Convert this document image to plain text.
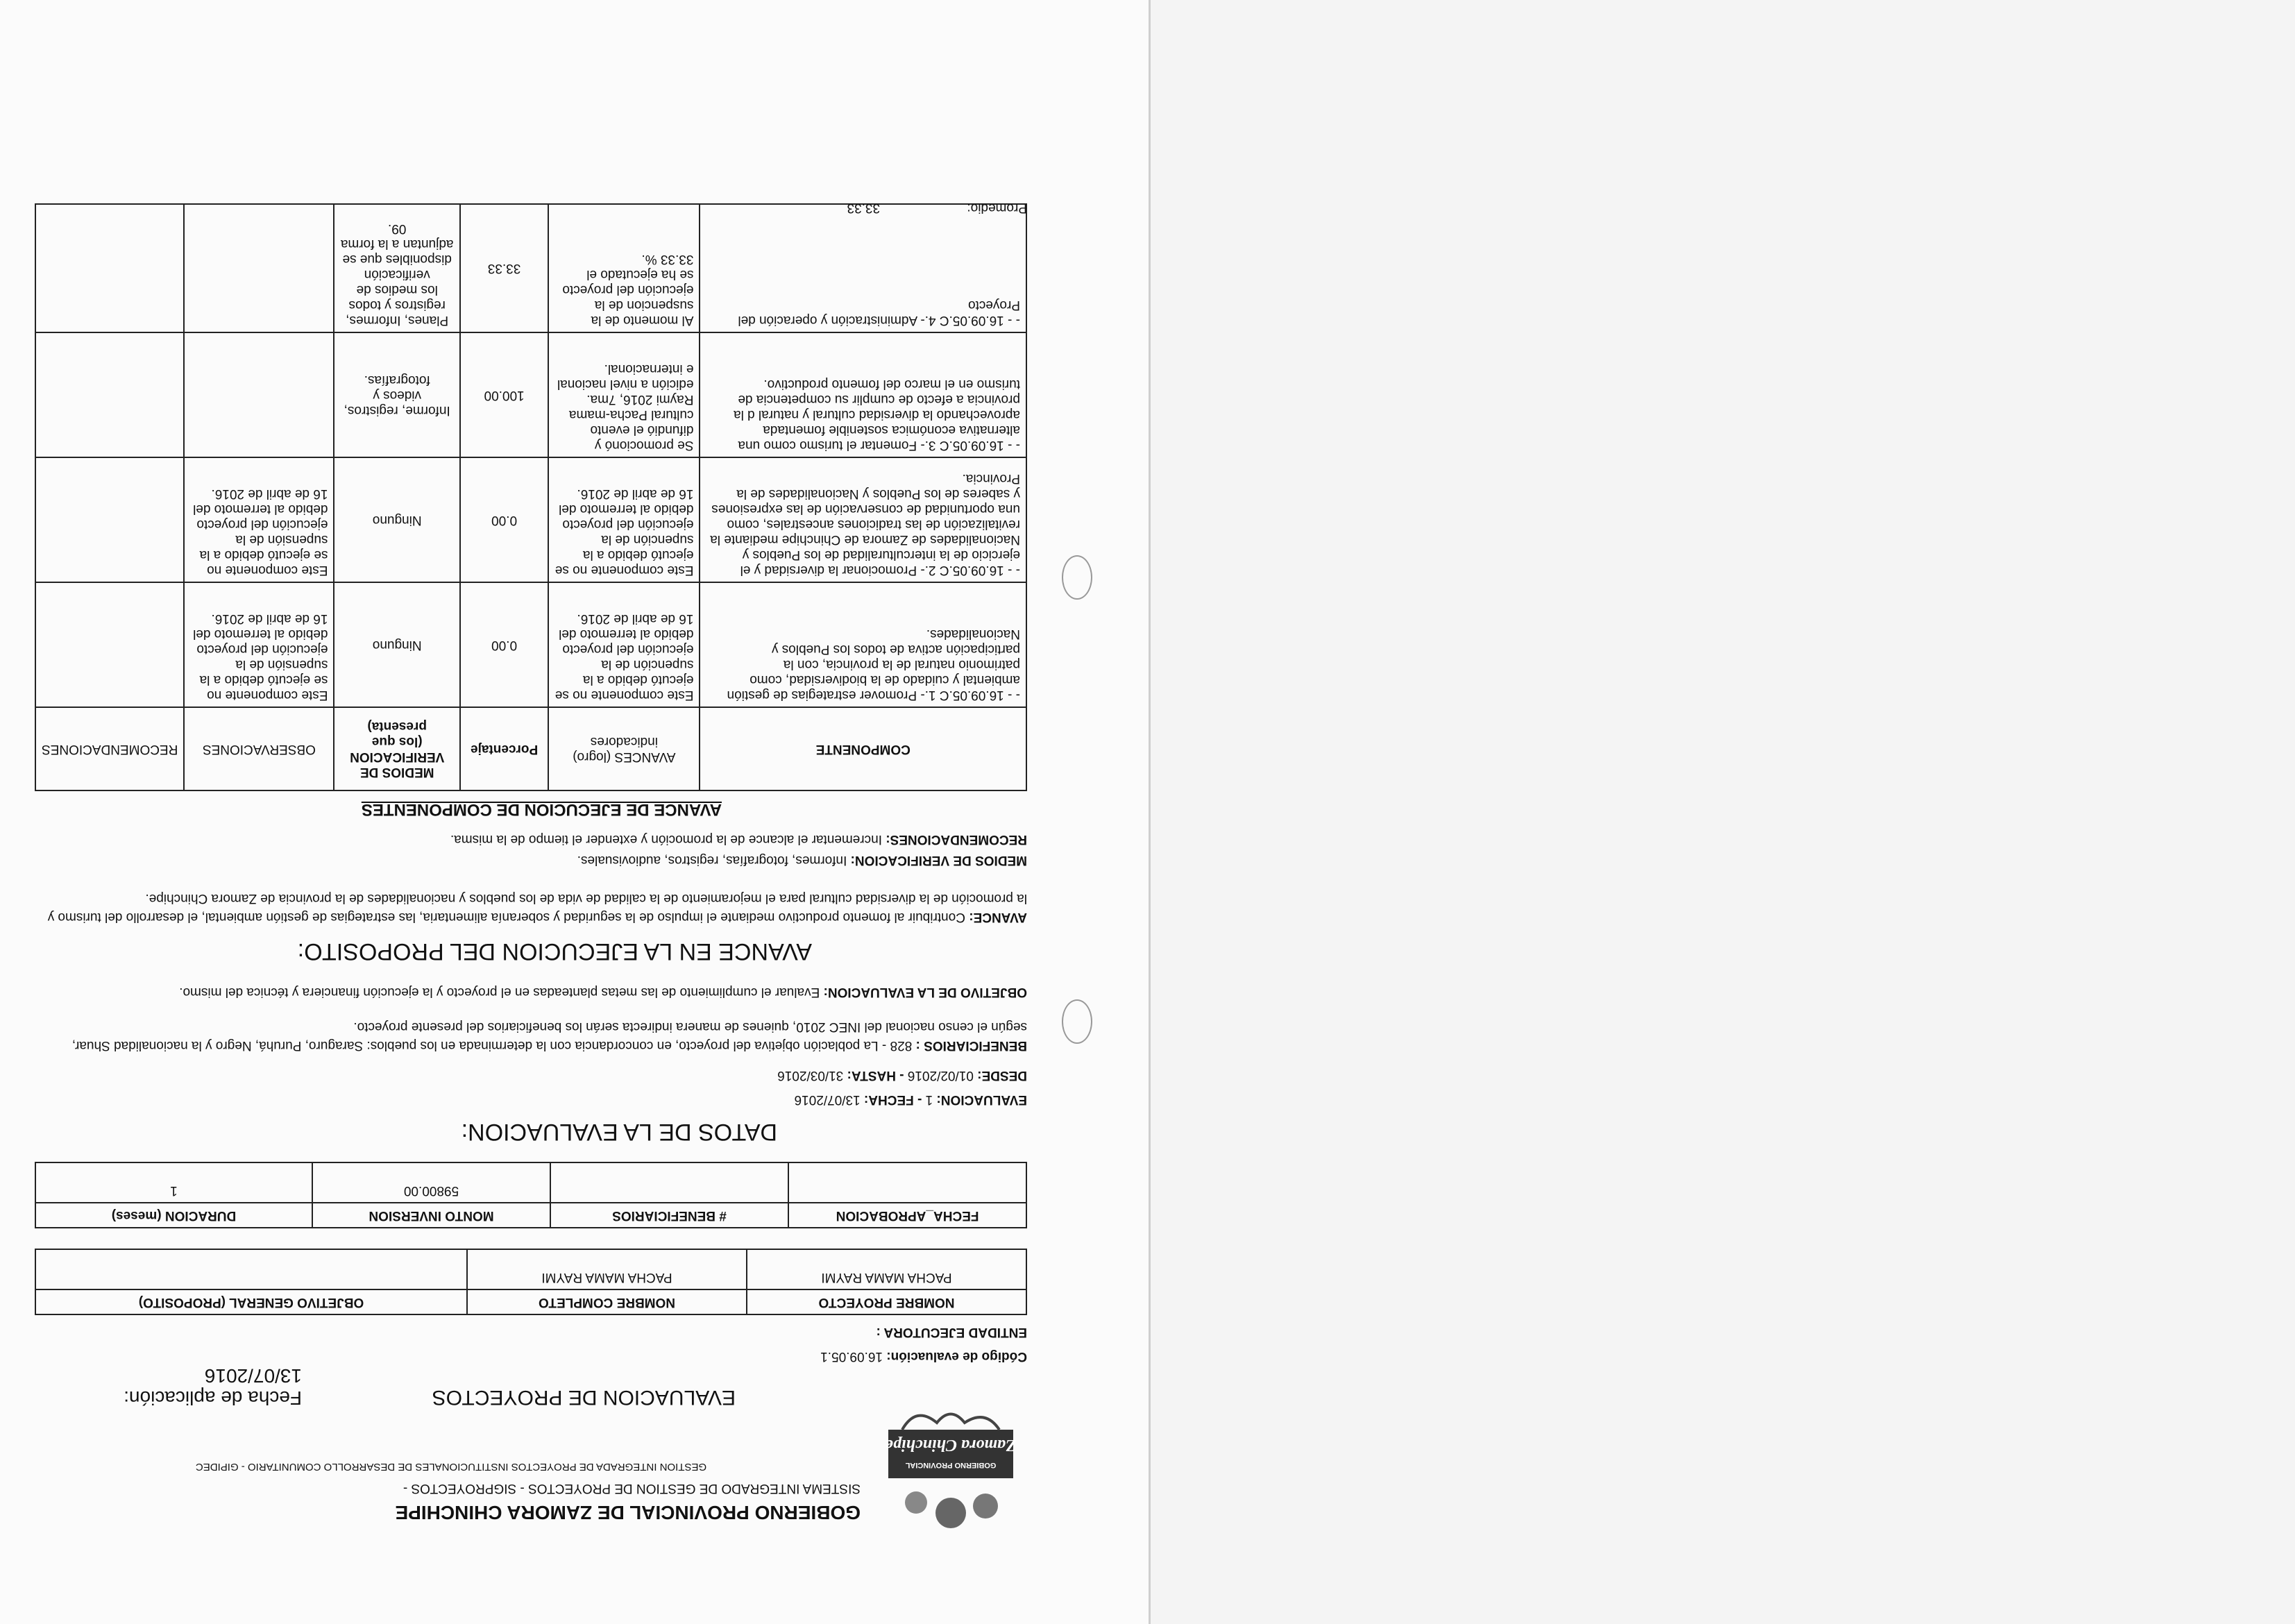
GOBIERNO PROVINCIAL
Zamora Chinchipe
GOBIERNO PROVINCIAL DE ZAMORA CHINCHIPE
SISTEMA INTEGRADO DE GESTION DE PROYECTOS - SIGPROYECTOS -
GESTION INTEGRADA DE PROYECTOS INSTITUCIONALES DE DESARROLLO COMUNITARIO - GIPIDEC
EVALUACION DE PROYECTOS
Fecha de aplicación: 13/07/2016
Código de evaluación: 16.09.05.1
ENTIDAD EJECUTORA :
NOMBRE PROYECTO	NOMBRE COMPLETO	OBJETIVO GENERAL (PROPOSITO)
PACHA MAMA RAYMI	PACHA MAMA RAYMI	
FECHA_APROBACION	# BENEFICIARIOS	MONTO INVERSION	DURACION (meses)
		59800.00	1
DATOS DE LA EVALUACION:
EVALUACION: 1 - FECHA: 13/07/2016
DESDE: 01/02/2016 - HASTA: 31/03/2016
BENEFICIARIOS : 828 - La población objetiva del proyecto, en concordancia con la determinada en los pueblos: Saraguro, Puruhá, Negro y la nacionalidad Shuar, según el censo nacional del INEC 2010, quienes de manera indirecta serán los beneficiarios del presente proyecto.
OBJETIVO DE LA EVALUACION: Evaluar el cumplimiento de las metas planteadas en el proyecto y la ejecución financiera y técnica del mismo.
AVANCE EN LA EJECUCION DEL PROPOSITO:
AVANCE: Contribuir al fomento productivo mediante el impulso de la seguridad y soberanía alimentaria, las estrategias de gestión ambiental, el desarrollo del turismo y la promoción de la diversidad cultural para el mejoramiento de la calidad de vida de los pueblos y nacionalidades de la provincia de Zamora Chinchipe.
MEDIOS DE VERIFICACION: Informes, fotografías, registros, audiovisuales.
RECOMENDACIONES: Incrementar el alcance de la promoción y extender el tiempo de la misma.
AVANCE DE EJECUCION DE COMPONENTES
COMPONENTE	AVANCES (logro) indicadores	Porcentaje	MEDIOS DE VERIFICACION (los que presenta)	OBSERVACIONES	RECOMENDACIONES
- - 16.09.05.C 1.- Promover estrategias de gestión ambiental y cuidado de la biodiversidad, como patrimonio natural de la provincia, con la participación activa de todos los Pueblos y Nacionalidades.	Este componente no se ejecutó debido a la supención de la ejecución del proyecto debido al terremoto del 16 de abril de 2016.	0.00	Ninguno	Este componente no se ejecutó debido a la supensión de la ejecución del proyecto debido al terremoto del 16 de abril de 2016.	
- - 16.09.05.C 2.- Promocionar la diversidad y el ejercicio de la interculturalidad de los Pueblos y Nacionalidades de Zamora de Chinchipe mediante la revitalización de las tradiciones ancestrales, como una oportunidad de conservación de las expresiones y saberes de los Pueblos y Nacionalidades de la Provincia.	Este componente no se ejecutó debido a la supención de la ejecución del proyecto debido al terremoto del 16 de abril de 2016.	0.00	Ninguno	Este componente no se ejecutó debido a la supensión de la ejecución del proyecto debido al terremoto del 16 de abril de 2016.	
- - 16.09.05.C 3.- Fomentar el turismo como una alternativa económica sostenible fomentada aprovechando la diversidad cultural y natural d la provincia a efecto de cumplir su competencia de turismo en el marco del fomento productivo.	Se promocionó y difundió el evento cultural Pacha-mama Raymi 2016, 7ma. edición a nivel nacional e internacional.	100.00	Informe, registros, videos y fotografías.		
- - 16.09.05.C 4.- Administración y operación del Proyecto	Al momento de la suspencion de la ejecución del proyecto se ha ejecutado el 33.33 %.	33.33	Planes, Informes, registros y todos los medios de verificación disponibles que se adjuntan a la forma 09.		
Promedio: 33.33
